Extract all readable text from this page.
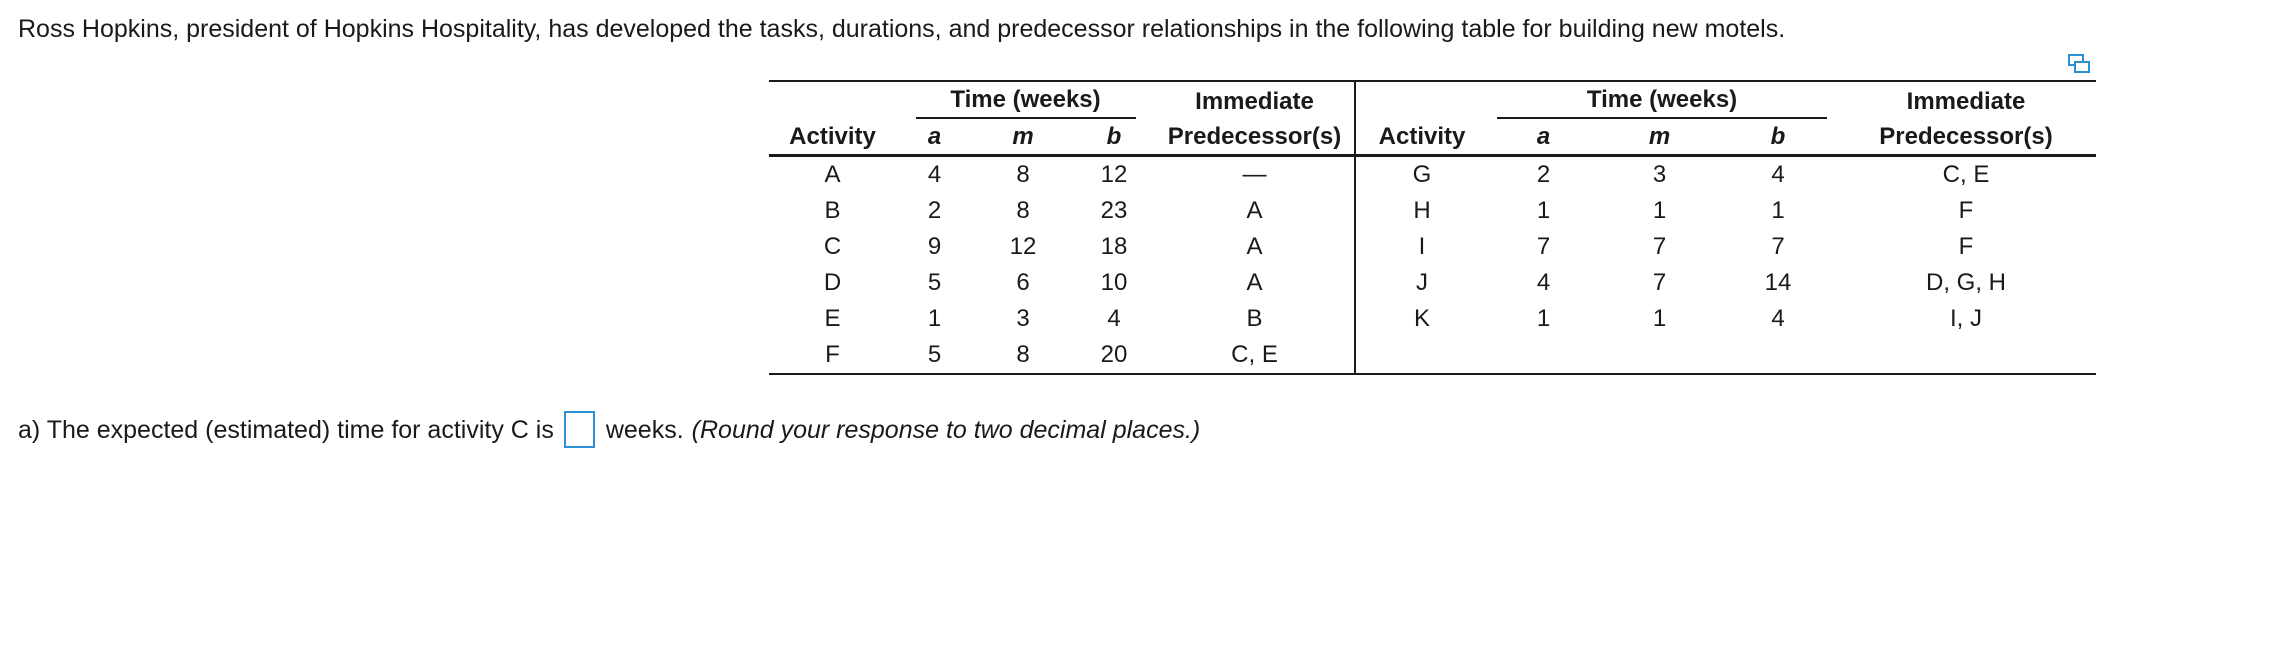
Ross Hopkins, president of Hopkins Hospitality, has developed the tasks, durations, and predecessor relationships in the following table for building new motels.

	Time (weeks)			Immediate		Time (weeks)			Immediate
Activity	a	m	b	Predecessor(s)	Activity	a	m	b	Predecessor(s)
A	4	8	12	—	G	2	3	4	C, E
B	2	8	23	A	H	1	1	1	F
C	9	12	18	A	I	7	7	7	F
D	5	6	10	A	J	4	7	14	D, G, H
E	1	3	4	B	K	1	1	4	I, J
F	5	8	20	C, E					
a) The expected (estimated) time for activity C is weeks. (Round your response to two decimal places.)
